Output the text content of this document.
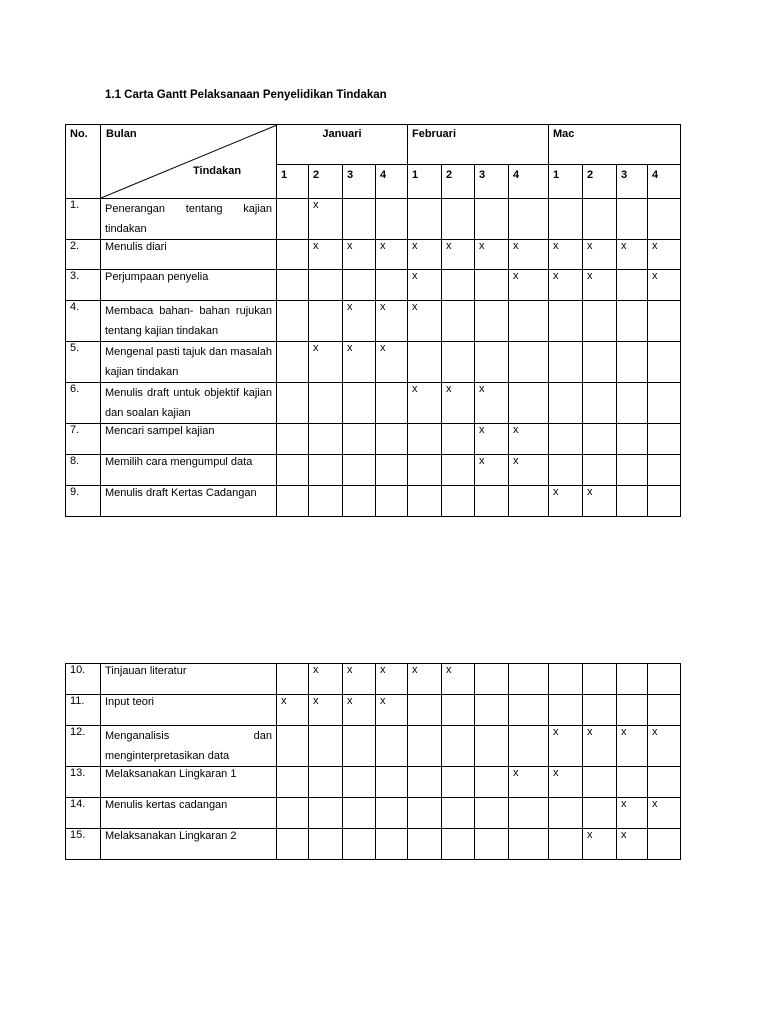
1.1 Carta Gantt Pelaksanaan Penyelidikan Tindakan
No.	Bulan
Tindakan	Januari				Februari				Mac			
		1	2	3	4	1	2	3	4	1	2	3	4
1.	Penerangan tentang kajian tindakan		x										
2.	Menulis diari		x	x	x	x	x	x	x	x	x	x	x
3.	Perjumpaan penyelia					x			x	x	x		x
4.	Membaca bahan- bahan rujukan tentang kajian tindakan			x	x	x							
5.	Mengenal pasti tajuk dan masalah kajian tindakan		x	x	x								
6.	Menulis draft untuk objektif kajian dan soalan kajian					x	x	x					
7.	Mencari sampel kajian							x	x				
8.	Memilih cara mengumpul data							x	x				
9.	Menulis draft Kertas Cadangan									x	x		
10.	Tinjauan literatur		x	x	x	x	x						
11.	Input teori	x	x	x	x								
12.	Menganalisis dan menginterpretasikan data									x	x	x	x
13.	Melaksanakan Lingkaran 1								x	x			
14.	Menulis kertas cadangan											x	x
15.	Melaksanakan Lingkaran 2										x	x	
